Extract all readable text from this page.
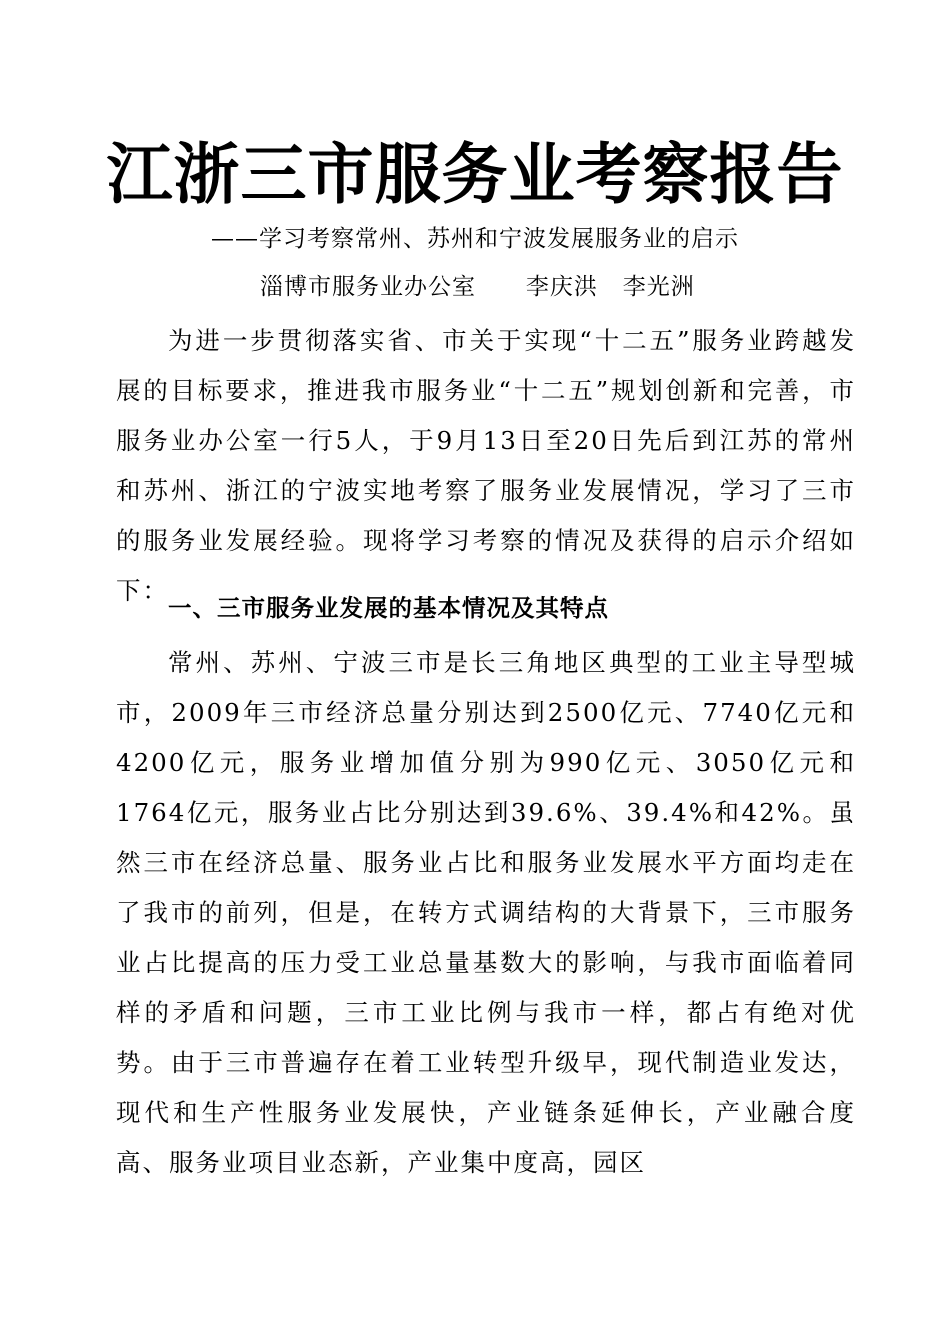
江浙三市服务业考察报告
——学习考察常州、苏州和宁波发展服务业的启示
淄博市服务业办公室      李庆洪   李光洲

为进一步贯彻落实省、市关于实现“十二五”服务业跨越发展的目标要求，推进我市服务业“十二五”规划创新和完善，市服务业办公室一行5人，于9月13日至20日先后到江苏的常州和苏州、浙江的宁波实地考察了服务业发展情况，学习了三市的服务业发展经验。现将学习考察的情况及获得的启示介绍如下：

一、三市服务业发展的基本情况及其特点

常州、苏州、宁波三市是长三角地区典型的工业主导型城市，2009年三市经济总量分别达到2500亿元、7740亿元和4200亿元，服务业增加值分别为990亿元、3050亿元和1764亿元，服务业占比分别达到39.6%、39.4%和42%。虽然三市在经济总量、服务业占比和服务业发展水平方面均走在了我市的前列，但是，在转方式调结构的大背景下，三市服务业占比提高的压力受工业总量基数大的影响，与我市面临着同样的矛盾和问题，三市工业比例与我市一样，都占有绝对优势。由于三市普遍存在着工业转型升级早，现代制造业发达，现代和生产性服务业发展快，产业链条延伸长，产业融合度高、服务业项目业态新，产业集中度高，园区
